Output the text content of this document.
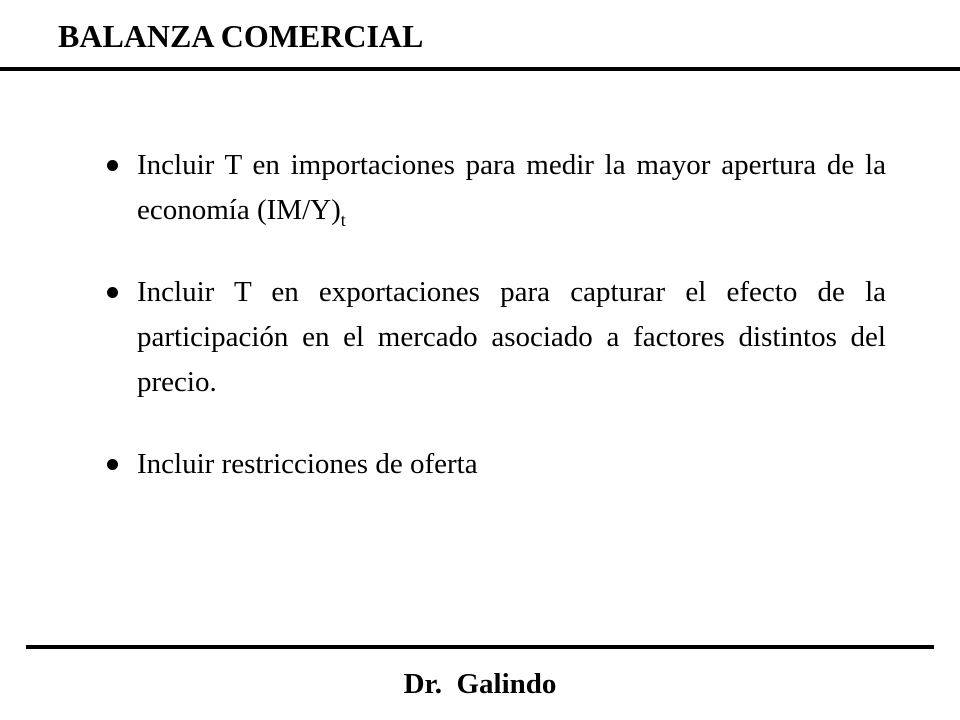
BALANZA COMERCIAL
Incluir T en importaciones para medir la mayor apertura de la economía $(IM/Y)_t$
Incluir T en exportaciones para capturar el efecto de la participación en el mercado asociado a factores distintos del precio.
Incluir restricciones de oferta
Dr.  Galindo
